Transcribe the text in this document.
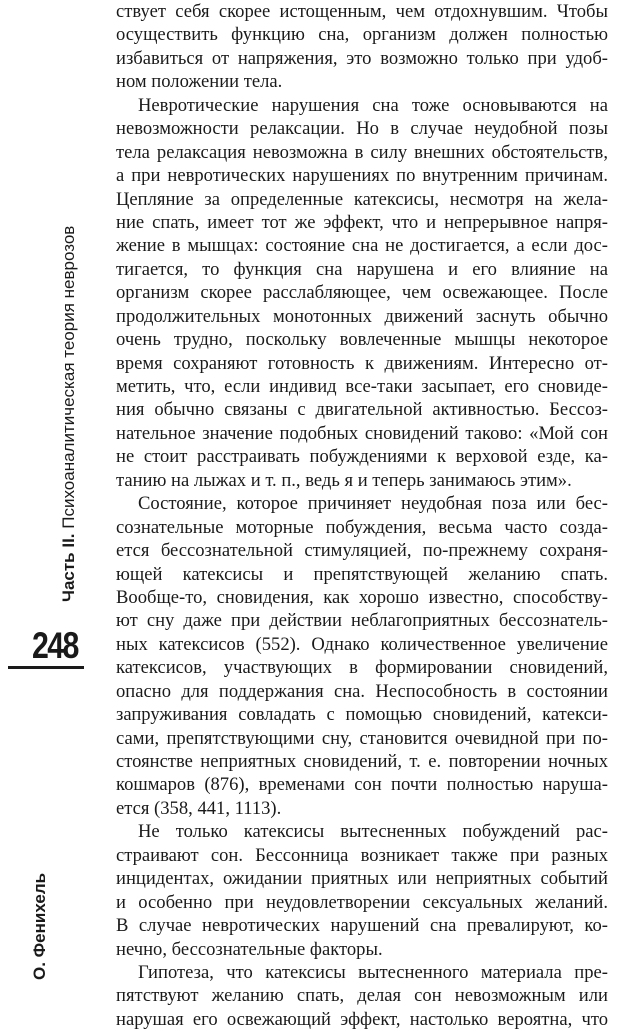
О. Фенихель
Часть II. Психоаналитическая теория неврозов
248
ствует себя скорее истощенным, чем отдохнувшим. Чтобы
осуществить функцию сна, организм должен полностью
избавиться от напряжения, это возможно только при удоб-
ном положении тела.
Невротические нарушения сна тоже основываются на
невозможности релаксации. Но в случае неудобной позы
тела релаксация невозможна в силу внешних обстоятельств,
а при невротических нарушениях по внутренним причинам.
Цепляние за определенные катексисы, несмотря на жела-
ние спать, имеет тот же эффект, что и непрерывное напря-
жение в мышцах: состояние сна не достигается, а если дос-
тигается, то функция сна нарушена и его влияние на
организм скорее расслабляющее, чем освежающее. После
продолжительных монотонных движений заснуть обычно
очень трудно, поскольку вовлеченные мышцы некоторое
время сохраняют готовность к движениям. Интересно от-
метить, что, если индивид все-таки засыпает, его сновиде-
ния обычно связаны с двигательной активностью. Бессоз-
нательное значение подобных сновидений таково: «Мой сон
не стоит расстраивать побуждениями к верховой езде, ка-
танию на лыжах и т. п., ведь я и теперь занимаюсь этим».
Состояние, которое причиняет неудобная поза или бес-
сознательные моторные побуждения, весьма часто созда-
ется бессознательной стимуляцией, по-прежнему сохраня-
ющей катексисы и препятствующей желанию спать.
Вообще-то, сновидения, как хорошо известно, способству-
ют сну даже при действии неблагоприятных бессознатель-
ных катексисов (552). Однако количественное увеличение
катексисов, участвующих в формировании сновидений,
опасно для поддержания сна. Неспособность в состоянии
запруживания совладать с помощью сновидений, катекси-
сами, препятствующими сну, становится очевидной при по-
стоянстве неприятных сновидений, т. е. повторении ночных
кошмаров (876), временами сон почти полностью наруша-
ется (358, 441, 1113).
Не только катексисы вытесненных побуждений рас-
страивают сон. Бессонница возникает также при разных
инцидентах, ожидании приятных или неприятных событий
и особенно при неудовлетворении сексуальных желаний.
В случае невротических нарушений сна превалируют, ко-
нечно, бессознательные факторы.
Гипотеза, что катексисы вытесненного материала пре-
пятствуют желанию спать, делая сон невозможным или
нарушая его освежающий эффект, настолько вероятна, что
